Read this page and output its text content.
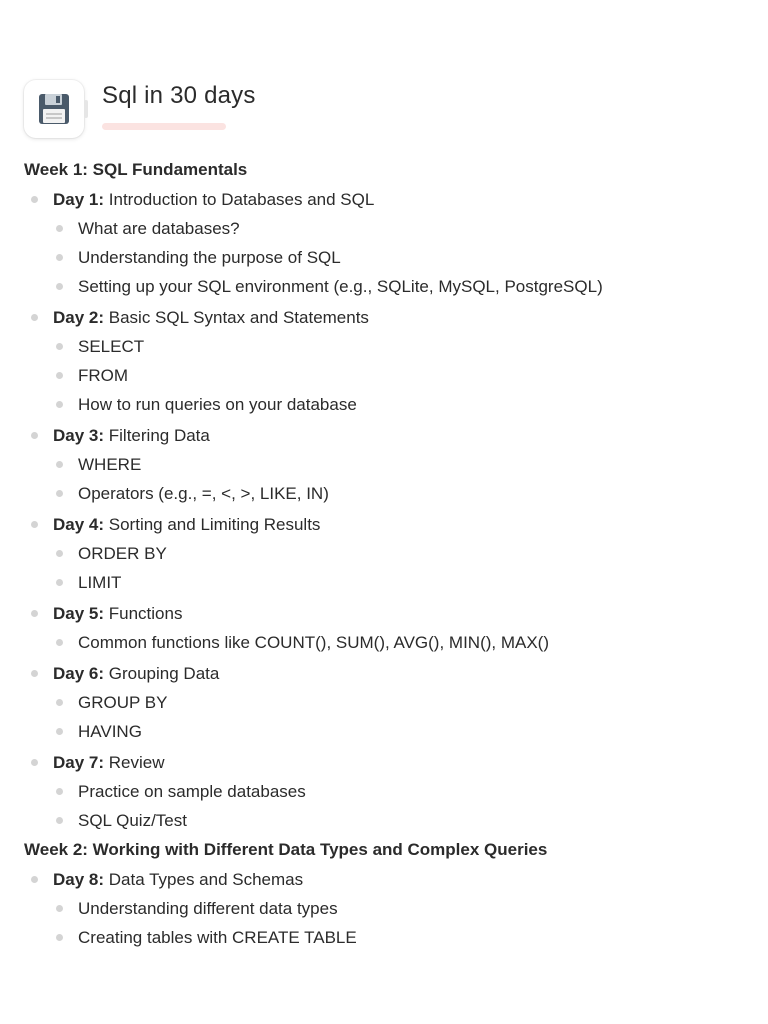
Sql in 30 days
Week 1: SQL Fundamentals
Day 1: Introduction to Databases and SQL
What are databases?
Understanding the purpose of SQL
Setting up your SQL environment (e.g., SQLite, MySQL, PostgreSQL)
Day 2: Basic SQL Syntax and Statements
SELECT
FROM
How to run queries on your database
Day 3: Filtering Data
WHERE
Operators (e.g., =, <, >, LIKE, IN)
Day 4: Sorting and Limiting Results
ORDER BY
LIMIT
Day 5: Functions
Common functions like COUNT(), SUM(), AVG(), MIN(), MAX()
Day 6: Grouping Data
GROUP BY
HAVING
Day 7: Review
Practice on sample databases
SQL Quiz/Test
Week 2: Working with Different Data Types and Complex Queries
Day 8: Data Types and Schemas
Understanding different data types
Creating tables with CREATE TABLE
